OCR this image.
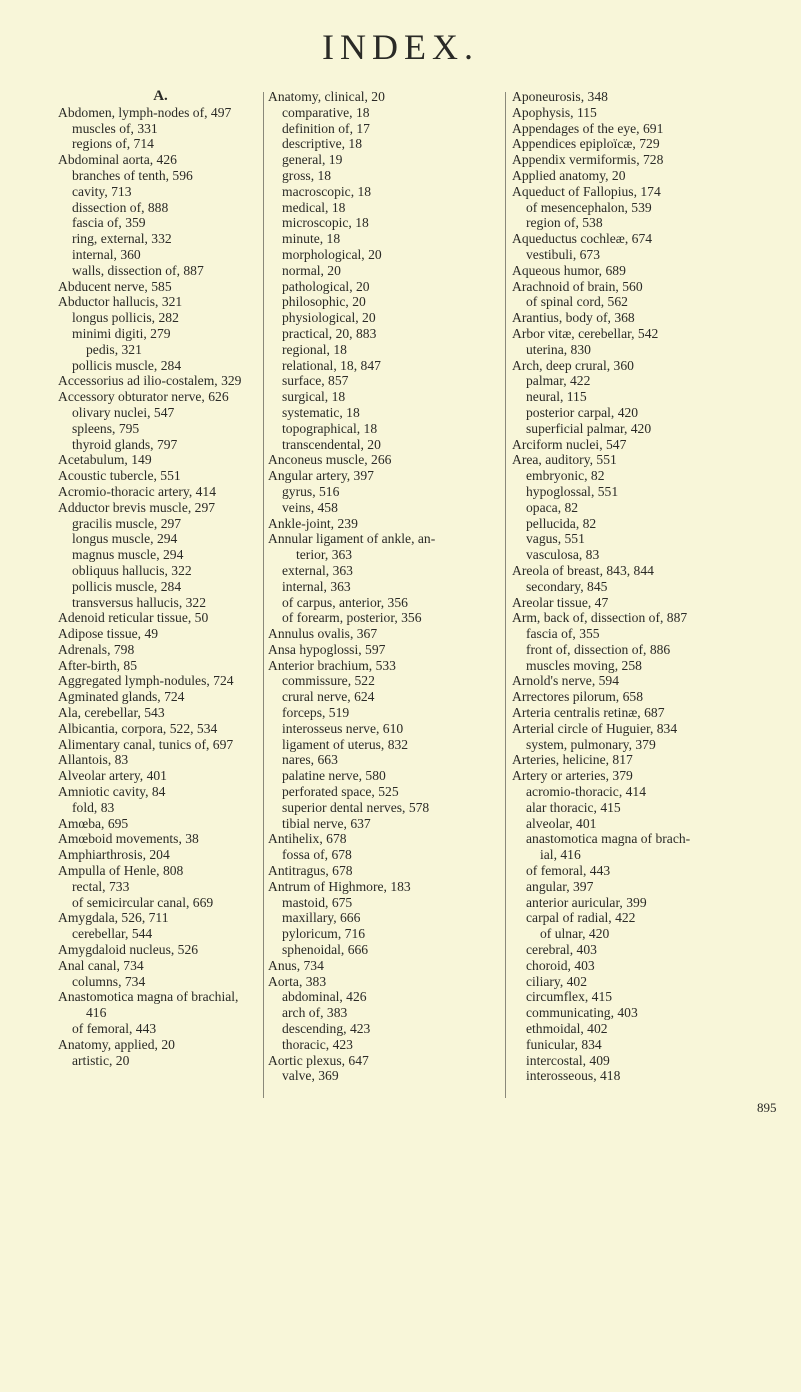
INDEX.
A.
Abdomen, lymph-nodes of, 497
muscles of, 331
regions of, 714
Abdominal aorta, 426
branches of tenth, 596
cavity, 713
dissection of, 888
fascia of, 359
ring, external, 332
internal, 360
walls, dissection of, 887
Abducent nerve, 585
Abductor hallucis, 321
longus pollicis, 282
minimi digiti, 279
pedis, 321
pollicis muscle, 284
Accessorius ad ilio-costalem, 329
Accessory obturator nerve, 626
olivary nuclei, 547
spleens, 795
thyroid glands, 797
Acetabulum, 149
Acoustic tubercle, 551
Acromio-thoracic artery, 414
Adductor brevis muscle, 297
gracilis muscle, 297
longus muscle, 294
magnus muscle, 294
obliquus hallucis, 322
pollicis muscle, 284
transversus hallucis, 322
Adenoid reticular tissue, 50
Adipose tissue, 49
Adrenals, 798
After-birth, 85
Aggregated lymph-nodules, 724
Agminated glands, 724
Ala, cerebellar, 543
Albicantia, corpora, 522, 534
Alimentary canal, tunics of, 697
Allantois, 83
Alveolar artery, 401
Amniotic cavity, 84
fold, 83
Amœba, 695
Amœboid movements, 38
Amphiarthrosis, 204
Ampulla of Henle, 808
rectal, 733
of semicircular canal, 669
Amygdala, 526, 711
cerebellar, 544
Amygdaloid nucleus, 526
Anal canal, 734
columns, 734
Anastomotica magna of brachial,
416
of femoral, 443
Anatomy, applied, 20
artistic, 20
Anatomy, clinical, 20
comparative, 18
definition of, 17
descriptive, 18
general, 19
gross, 18
macroscopic, 18
medical, 18
microscopic, 18
minute, 18
morphological, 20
normal, 20
pathological, 20
philosophic, 20
physiological, 20
practical, 20, 883
regional, 18
relational, 18, 847
surface, 857
surgical, 18
systematic, 18
topographical, 18
transcendental, 20
Anconeus muscle, 266
Angular artery, 397
gyrus, 516
veins, 458
Ankle-joint, 239
Annular ligament of ankle, an-
terior, 363
external, 363
internal, 363
of carpus, anterior, 356
of forearm, posterior, 356
Annulus ovalis, 367
Ansa hypoglossi, 597
Anterior brachium, 533
commissure, 522
crural nerve, 624
forceps, 519
interosseus nerve, 610
ligament of uterus, 832
nares, 663
palatine nerve, 580
perforated space, 525
superior dental nerves, 578
tibial nerve, 637
Antihelix, 678
fossa of, 678
Antitragus, 678
Antrum of Highmore, 183
mastoid, 675
maxillary, 666
pyloricum, 716
sphenoidal, 666
Anus, 734
Aorta, 383
abdominal, 426
arch of, 383
descending, 423
thoracic, 423
Aortic plexus, 647
valve, 369
Aponeurosis, 348
Apophysis, 115
Appendages of the eye, 691
Appendices epiploïcæ, 729
Appendix vermiformis, 728
Applied anatomy, 20
Aqueduct of Fallopius, 174
of mesencephalon, 539
region of, 538
Aqueductus cochleæ, 674
vestibuli, 673
Aqueous humor, 689
Arachnoid of brain, 560
of spinal cord, 562
Arantius, body of, 368
Arbor vitæ, cerebellar, 542
uterina, 830
Arch, deep crural, 360
palmar, 422
neural, 115
posterior carpal, 420
superficial palmar, 420
Arciform nuclei, 547
Area, auditory, 551
embryonic, 82
hypoglossal, 551
opaca, 82
pellucida, 82
vagus, 551
vasculosa, 83
Areola of breast, 843, 844
secondary, 845
Areolar tissue, 47
Arm, back of, dissection of, 887
fascia of, 355
front of, dissection of, 886
muscles moving, 258
Arnold's nerve, 594
Arrectores pilorum, 658
Arteria centralis retinæ, 687
Arterial circle of Huguier, 834
system, pulmonary, 379
Arteries, helicine, 817
Artery or arteries, 379
acromio-thoracic, 414
alar thoracic, 415
alveolar, 401
anastomotica magna of brach-
ial, 416
of femoral, 443
angular, 397
anterior auricular, 399
carpal of radial, 422
of ulnar, 420
cerebral, 403
choroid, 403
ciliary, 402
circumflex, 415
communicating, 403
ethmoidal, 402
funicular, 834
intercostal, 409
interosseous, 418
895
